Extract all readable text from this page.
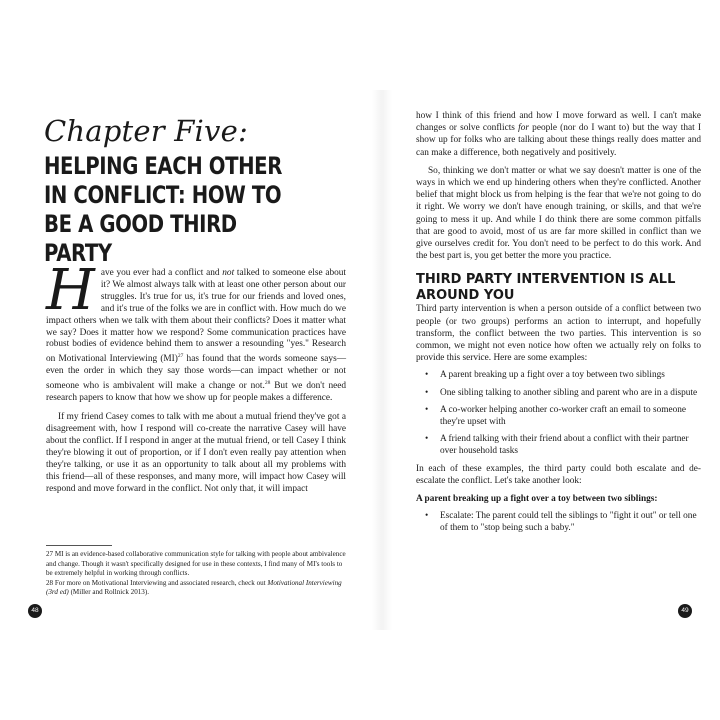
Chapter Five:
HELPING EACH OTHER IN CONFLICT: HOW TO BE A GOOD THIRD PARTY

Have you ever had a conflict and not talked to someone else about it? We almost always talk with at least one other person about our struggles. It's true for us, it's true for our friends and loved ones, and it's true of the folks we are in conflict with. How much do we impact others when we talk with them about their conflicts? Does it matter what we say? Does it matter how we respond? Some communication practices have robust bodies of evidence behind them to answer a resounding "yes." Research on Motivational Interviewing (MI)$^{27}$ has found that the words someone says—even the order in which they say those words—can impact whether or not someone who is ambivalent will make a change or not.$^{28}$ But we don't need research papers to know that how we show up for people makes a difference.

If my friend Casey comes to talk with me about a mutual friend they've got a disagreement with, how I respond will co-create the narrative Casey will have about the conflict. If I respond in anger at the mutual friend, or tell Casey I think they're blowing it out of proportion, or if I don't even really pay attention when they're talking, or use it as an opportunity to talk about all my problems with this friend—all of these responses, and many more, will impact how Casey will respond and move forward in the conflict. Not only that, it will impact

27 MI is an evidence-based collaborative communication style for talking with people about ambivalence and change. Though it wasn't specifically designed for use in these contexts, I find many of MI's tools to be extremely helpful in working through conflicts.

28 For more on Motivational Interviewing and associated research, check out Motivational Interviewing (3rd ed) (Miller and Rollnick 2013).

48

how I think of this friend and how I move forward as well. I can't make changes or solve conflicts for people (nor do I want to) but the way that I show up for folks who are talking about these things really does matter and can make a difference, both negatively and positively.

So, thinking we don't matter or what we say doesn't matter is one of the ways in which we end up hindering others when they're conflicted. Another belief that might block us from helping is the fear that we're not going to do it right. We worry we don't have enough training, or skills, and that we're going to mess it up. And while I do think there are some common pitfalls that are good to avoid, most of us are far more skilled in conflict than we give ourselves credit for. You don't need to be perfect to do this work. And the best part is, you get better the more you practice.

THIRD PARTY INTERVENTION IS ALL AROUND YOU

Third party intervention is when a person outside of a conflict between two people (or two groups) performs an action to interrupt, and hopefully transform, the conflict between the two parties. This intervention is so common, we might not even notice how often we actually rely on folks to provide this service. Here are some examples:

• A parent breaking up a fight over a toy between two siblings
• One sibling talking to another sibling and parent who are in a dispute
• A co-worker helping another co-worker craft an email to someone they're upset with
• A friend talking with their friend about a conflict with their partner over household tasks

In each of these examples, the third party could both escalate and de-escalate the conflict. Let's take another look:

A parent breaking up a fight over a toy between two siblings:

• Escalate: The parent could tell the siblings to "fight it out" or tell one of them to "stop being such a baby."
49
